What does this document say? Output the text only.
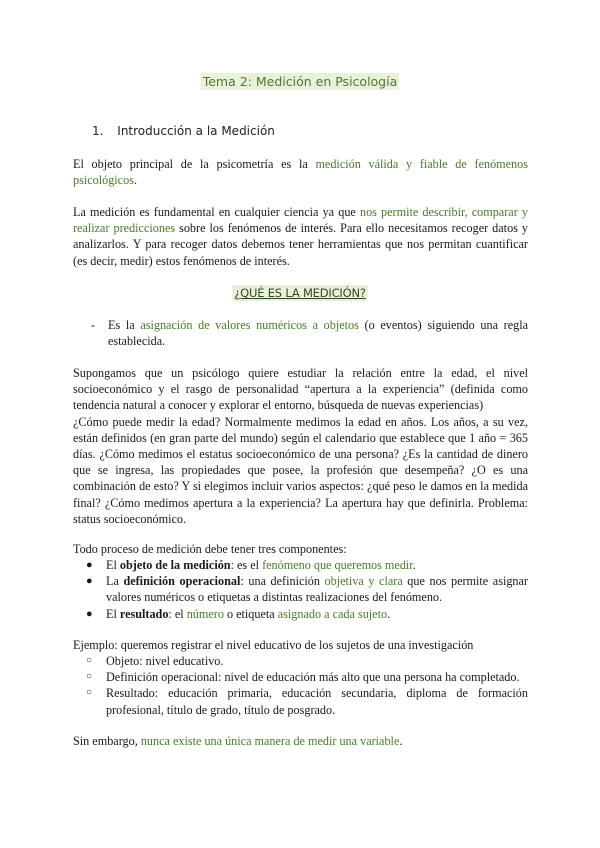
Tema 2: Medición en Psicología
1. Introducción a la Medición
El objeto principal de la psicometría es la medición válida y fiable de fenómenos psicológicos.
La medición es fundamental en cualquier ciencia ya que nos permite describir, comparar y realizar predicciones sobre los fenómenos de interés. Para ello necesitamos recoger datos y analizarlos. Y para recoger datos debemos tener herramientas que nos permitan cuantificar (es decir, medir) estos fenómenos de interés.
¿QUÉ ES LA MEDICIÓN?
- Es la asignación de valores numéricos a objetos (o eventos) siguiendo una regla establecida.
Supongamos que un psicólogo quiere estudiar la relación entre la edad, el nivel socioeconómico y el rasgo de personalidad “apertura a la experiencia” (definida como tendencia natural a conocer y explorar el entorno, búsqueda de nuevas experiencias)
¿Cómo puede medir la edad? Normalmente medimos la edad en años. Los años, a su vez, están definidos (en gran parte del mundo) según el calendario que establece que 1 año = 365 días. ¿Cómo medimos el estatus socioeconómico de una persona? ¿Es la cantidad de dinero que se ingresa, las propiedades que posee, la profesión que desempeña? ¿O es una combinación de esto? Y si elegimos incluir varios aspectos: ¿qué peso le damos en la medida final? ¿Cómo medimos apertura a la experiencia? La apertura hay que definirla. Problema: status socioeconómico.
Todo proceso de medición debe tener tres componentes:
● El objeto de la medición: es el fenómeno que queremos medir.
● La definición operacional: una definición objetiva y clara que nos permite asignar valores numéricos o etiquetas a distintas realizaciones del fenómeno.
● El resultado: el número o etiqueta asignado a cada sujeto.
Ejemplo: queremos registrar el nivel educativo de los sujetos de una investigación
○ Objeto: nivel educativo.
○ Definición operacional: nivel de educación más alto que una persona ha completado.
○ Resultado: educación primaria, educación secundaria, diploma de formación profesional, título de grado, título de posgrado.
Sin embargo, nunca existe una única manera de medir una variable.
